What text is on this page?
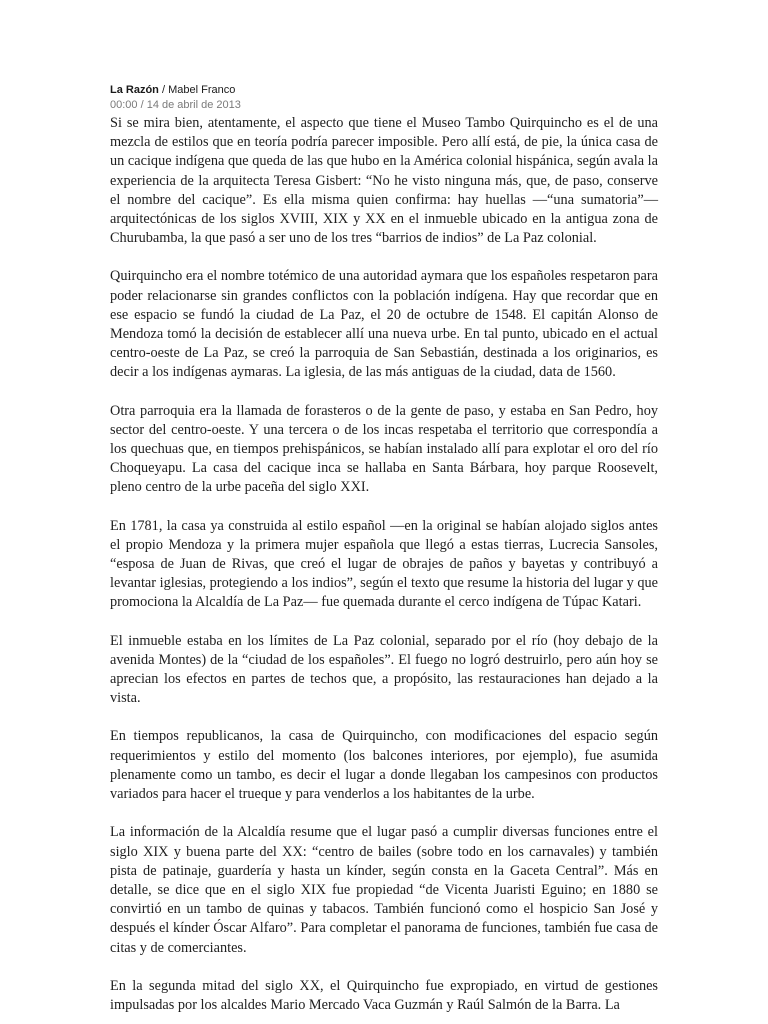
La Razón / Mabel Franco

00:00 / 14 de abril de 2013

Si se mira bien, atentamente, el aspecto que tiene el Museo Tambo Quirquincho es el de una mezcla de estilos que en teoría podría parecer imposible. Pero allí está, de pie, la única casa de un cacique indígena que queda de las que hubo en la América colonial hispánica, según avala la experiencia de la arquitecta Teresa Gisbert: “No he visto ninguna más, que, de paso, conserve el nombre del cacique”. Es ella misma quien confirma: hay huellas —“una sumatoria”— arquitectónicas de los siglos XVIII, XIX y XX en el inmueble ubicado en la antigua zona de Churubamba, la que pasó a ser uno de los tres “barrios de indios” de La Paz colonial.

Quirquincho era el nombre totémico de una autoridad aymara que los españoles respetaron para poder relacionarse sin grandes conflictos con la población indígena. Hay que recordar que en ese espacio se fundó la ciudad de La Paz, el 20 de octubre de 1548. El capitán Alonso de Mendoza tomó la decisión de establecer allí una nueva urbe. En tal punto, ubicado en el actual centro-oeste de La Paz, se creó la parroquia de San Sebastián, destinada a los originarios, es decir a los indígenas aymaras. La iglesia, de las más antiguas de la ciudad, data de 1560.

Otra parroquia era la llamada de forasteros o de la gente de paso, y estaba en San Pedro, hoy sector del centro-oeste. Y una tercera o de los incas respetaba el territorio que correspondía a los quechuas que, en tiempos prehispánicos, se habían instalado allí para explotar el oro del río Choqueyapu. La casa del cacique inca se hallaba en Santa Bárbara, hoy parque Roosevelt, pleno centro de la urbe paceña del siglo XXI.

En 1781, la casa ya construida al estilo español —en la original se habían alojado siglos antes el propio Mendoza y la primera mujer española que llegó a estas tierras, Lucrecia Sansoles, “esposa de Juan de Rivas, que creó el lugar de obrajes de paños y bayetas y contribuyó a levantar iglesias, protegiendo a los indios”, según el texto que resume la historia del lugar y que promociona la Alcaldía de La Paz— fue quemada durante el cerco indígena de Túpac Katari.

El inmueble estaba en los límites de La Paz colonial, separado por el río (hoy debajo de la avenida Montes) de la “ciudad de los españoles”. El fuego no logró destruirlo, pero aún hoy se aprecian los efectos en partes de techos que, a propósito, las restauraciones han dejado a la vista.

En tiempos republicanos, la casa de Quirquincho, con modificaciones del espacio según requerimientos y estilo del momento (los balcones interiores, por ejemplo), fue asumida plenamente como un tambo, es decir el lugar a donde llegaban los campesinos con productos variados para hacer el trueque y para venderlos a los habitantes de la urbe.

La información de la Alcaldía resume que el lugar pasó a cumplir diversas funciones entre el siglo XIX y buena parte del XX: “centro de bailes (sobre todo en los carnavales) y también pista de patinaje, guardería y hasta un kínder, según consta en la Gaceta Central”. Más en detalle, se dice que en el siglo XIX fue propiedad “de Vicenta Juaristi Eguino; en 1880 se convirtió en un tambo de quinas y tabacos. También funcionó como el hospicio San José y después el kínder Óscar Alfaro”. Para completar el panorama de funciones, también fue casa de citas y de comerciantes.

En la segunda mitad del siglo XX, el Quirquincho fue expropiado, en virtud de gestiones impulsadas por los alcaldes Mario Mercado Vaca Guzmán y Raúl Salmón de la Barra. La
